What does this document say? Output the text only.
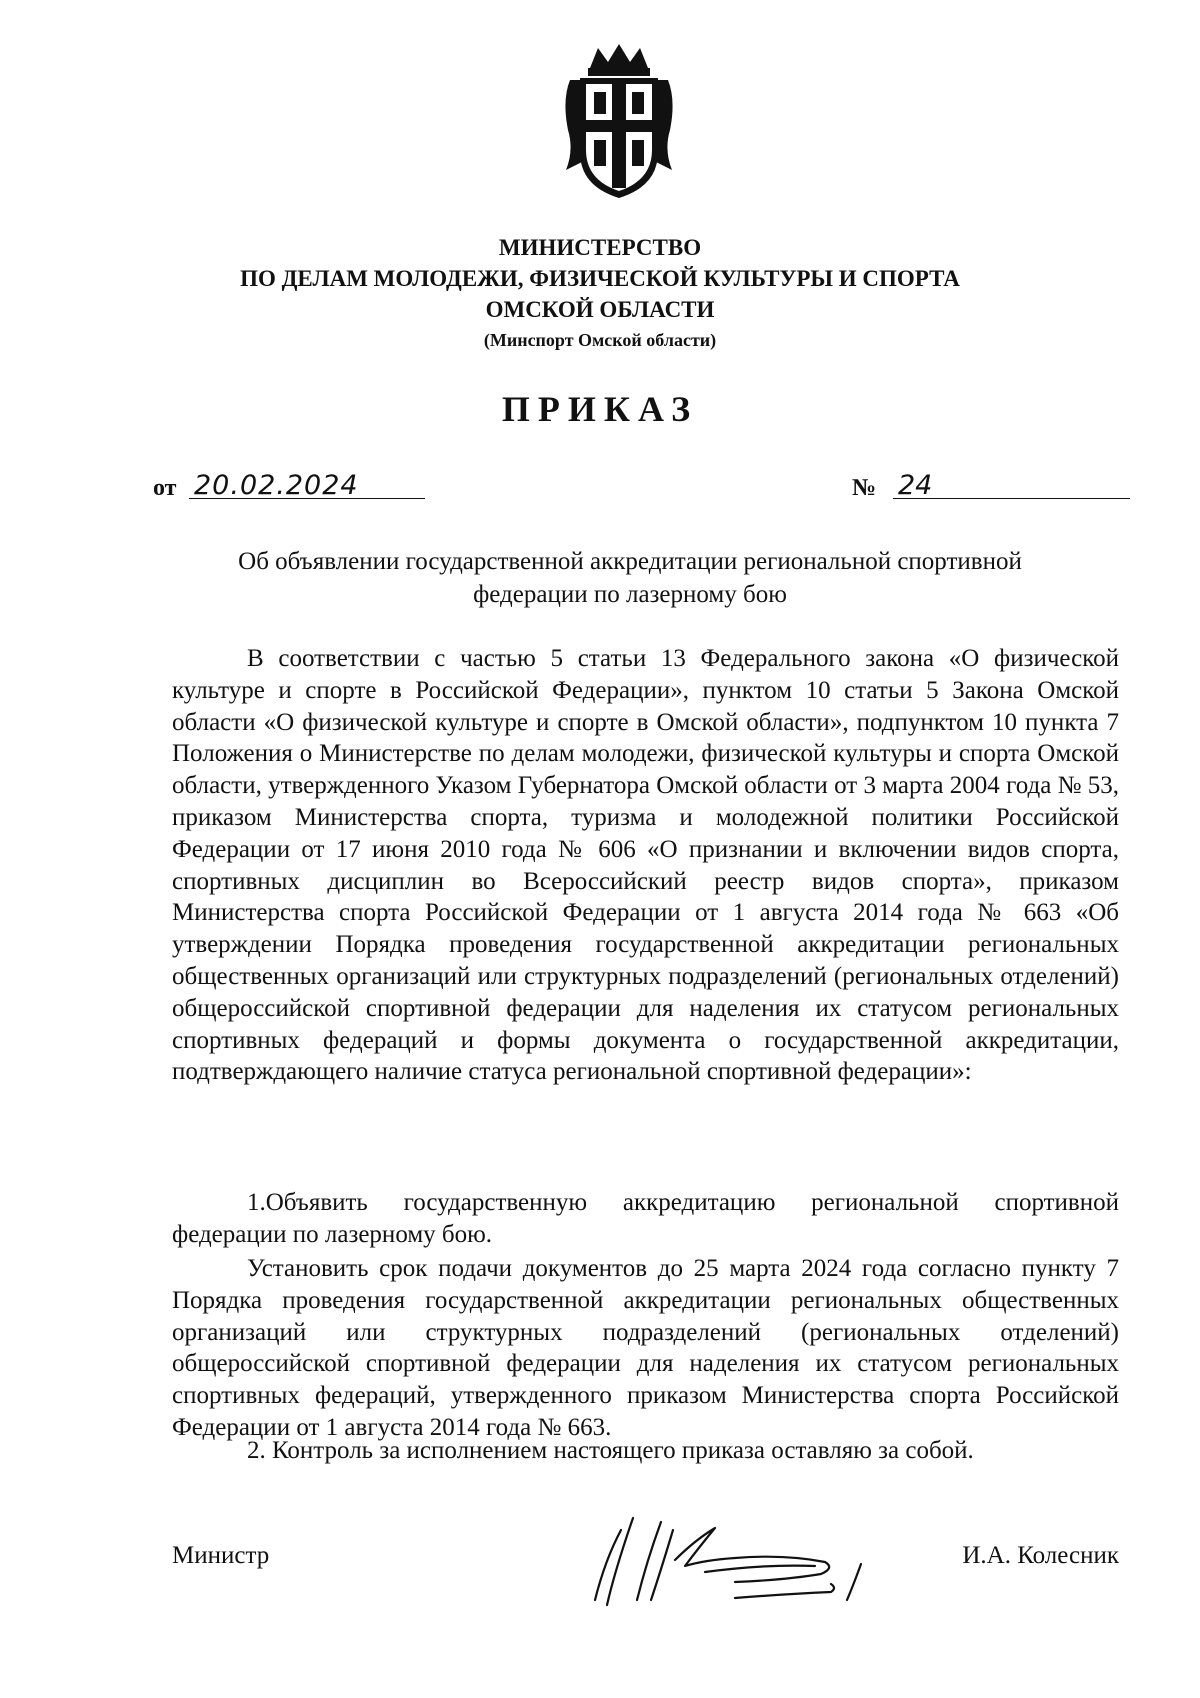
МИНИСТЕРСТВО
ПО ДЕЛАМ МОЛОДЕЖИ, ФИЗИЧЕСКОЙ КУЛЬТУРЫ И СПОРТА
ОМСКОЙ ОБЛАСТИ
(Минспорт Омской области)
ПРИКАЗ
от 20.02.2024	№ 24
Об объявлении государственной аккредитации региональной спортивной федерации по лазерному бою

В соответствии с частью 5 статьи 13 Федерального закона «О физической культуре и спорте в Российской Федерации», пунктом 10 статьи 5 Закона Омской области «О физической культуре и спорте в Омской области», подпунктом 10 пункта 7 Положения о Министерстве по делам молодежи, физической культуры и спорта Омской области, утвержденного Указом Губернатора Омской области от 3 марта 2004 года № 53, приказом Министерства спорта, туризма и молодежной политики Российской Федерации от 17 июня 2010 года № 606 «О признании и включении видов спорта, спортивных дисциплин во Всероссийский реестр видов спорта», приказом Министерства спорта Российской Федерации от 1 августа 2014 года № 663 «Об утверждении Порядка проведения государственной аккредитации региональных общественных организаций или структурных подразделений (региональных отделений) общероссийской спортивной федерации для наделения их статусом региональных спортивных федераций и формы документа о государственной аккредитации, подтверждающего наличие статуса региональной спортивной федерации»:

1.Объявить государственную аккредитацию региональной спортивной федерации по лазерному бою.

Установить срок подачи документов до 25 марта 2024 года согласно пункту 7 Порядка проведения государственной аккредитации региональных общественных организаций или структурных подразделений (региональных отделений) общероссийской спортивной федерации для наделения их статусом региональных спортивных федераций, утвержденного приказом Министерства спорта Российской Федерации от 1 августа 2014 года № 663.

2. Контроль за исполнением настоящего приказа оставляю за собой.

Министр	И.А. Колесник
